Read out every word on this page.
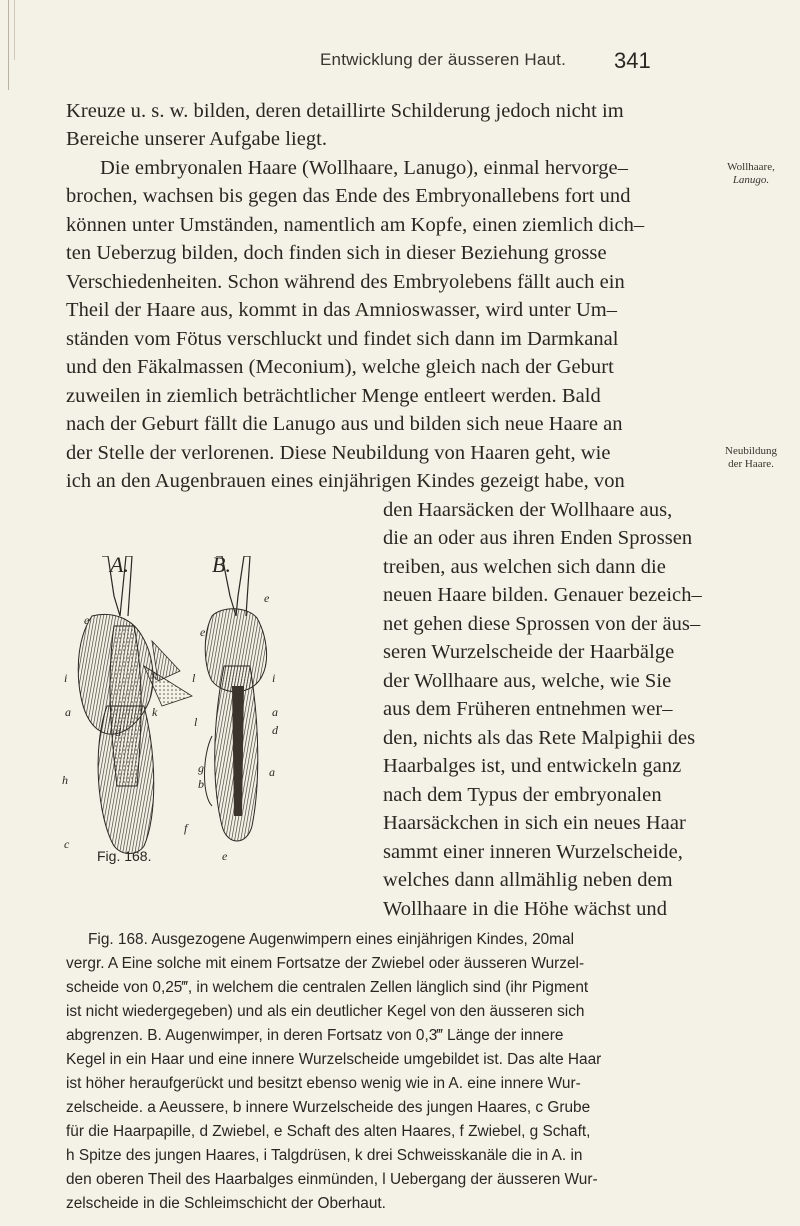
Entwicklung der äusseren Haut. 341
Kreuze u. s. w. bilden, deren detaillirte Schilderung jedoch nicht im
Bereiche unserer Aufgabe liegt.
Die embryonalen Haare (Wollhaare, Lanugo), einmal hervorge–
brochen, wachsen bis gegen das Ende des Embryonallebens fort und
können unter Umständen, namentlich am Kopfe, einen ziemlich dich–
ten Ueberzug bilden, doch finden sich in dieser Beziehung grosse
Verschiedenheiten. Schon während des Embryolebens fällt auch ein
Theil der Haare aus, kommt in das Amnioswasser, wird unter Um–
ständen vom Fötus verschluckt und findet sich dann im Darmkanal
und den Fäkalmassen (Meconium), welche gleich nach der Geburt
zuweilen in ziemlich beträchtlicher Menge entleert werden. Bald
nach der Geburt fällt die Lanugo aus und bilden sich neue Haare an
der Stelle der verlorenen. Diese Neubildung von Haaren geht, wie
ich an den Augenbrauen eines einjährigen Kindes gezeigt habe, von
den Haarsäcken der Wollhaare aus,
die an oder aus ihren Enden Sprossen
treiben, aus welchen sich dann die
neuen Haare bilden. Genauer bezeich–
net gehen diese Sprossen von der äus–
seren Wurzelscheide der Haarbälge
der Wollhaare aus, welche, wie Sie
aus dem Früheren entnehmen wer–
den, nichts als das Rete Malpighii des
Haarbalges ist, und entwickeln ganz
nach dem Typus der embryonalen
Haarsäckchen in sich ein neues Haar
sammt einer inneren Wurzelscheide,
welches dann allmählig neben dem
Wollhaare in die Höhe wächst und
Wollhaare,
Lanugo.
Neubildung
der Haare.
A.	B.
e
i	k
a	k
d
h
c
e
e
l	i
a
l
d
g
b
a
f
e
Fig. 168.
Fig. 168. Ausgezogene Augenwimpern eines einjährigen Kindes, 20mal
vergr. A Eine solche mit einem Fortsatze der Zwiebel oder äusseren Wurzel-
scheide von 0,25‴, in welchem die centralen Zellen länglich sind (ihr Pigment
ist nicht wiedergegeben) und als ein deutlicher Kegel von den äusseren sich
abgrenzen. B. Augenwimper, in deren Fortsatz von 0,3‴ Länge der innere
Kegel in ein Haar und eine innere Wurzelscheide umgebildet ist. Das alte Haar
ist höher heraufgerückt und besitzt ebenso wenig wie in A. eine innere Wur-
zelscheide. a Aeussere, b innere Wurzelscheide des jungen Haares, c Grube
für die Haarpapille, d Zwiebel, e Schaft des alten Haares, f Zwiebel, g Schaft,
h Spitze des jungen Haares, i Talgdrüsen, k drei Schweisskanäle die in A. in
den oberen Theil des Haarbalges einmünden, l Uebergang der äusseren Wur-
zelscheide in die Schleimschicht der Oberhaut.
